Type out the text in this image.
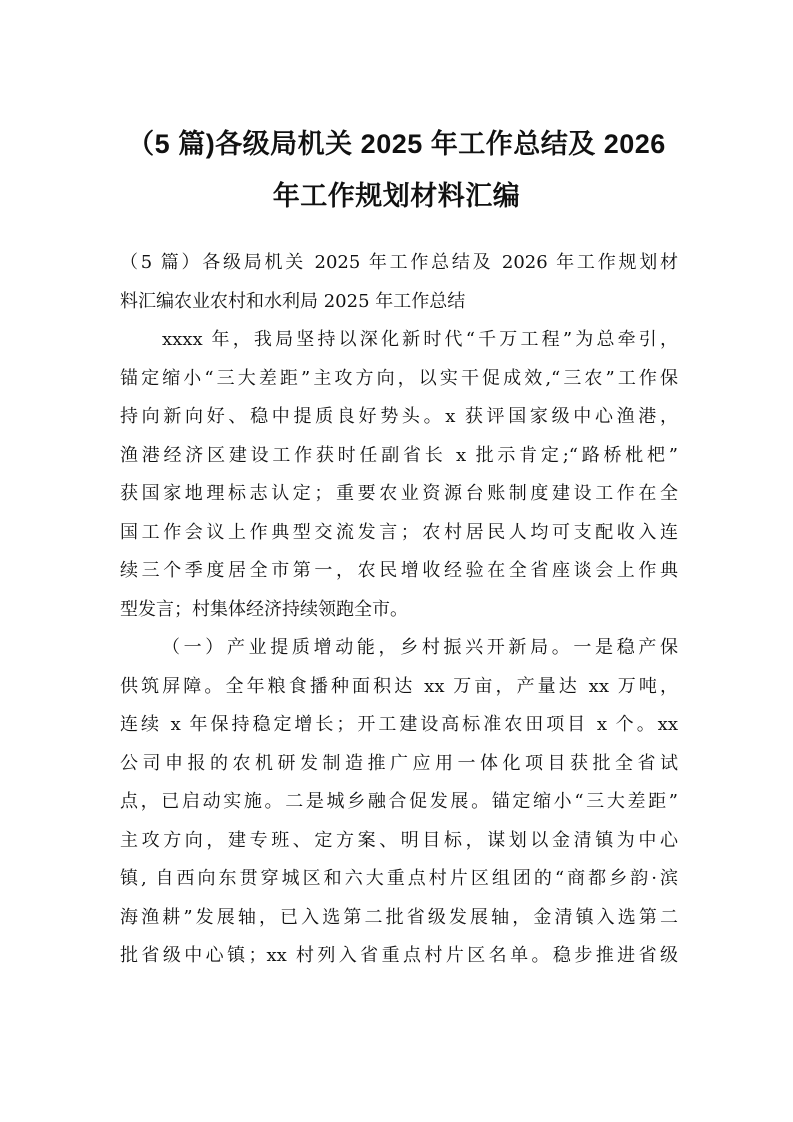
（5 篇)各级局机关 2025 年工作总结及 2026
年工作规划材料汇编
（5 篇）各级局机关 2025 年工作总结及 2026 年工作规划材
料汇编农业农村和水利局 2025 年工作总结
xxxx 年，我局坚持以深化新时代“千万工程”为总牵引，
锚定缩小“三大差距”主攻方向，以实干促成效,“三农”工作保
持向新向好、稳中提质良好势头。x 获评国家级中心渔港，
渔港经济区建设工作获时任副省长 x 批示肯定;“路桥枇杷”
获国家地理标志认定；重要农业资源台账制度建设工作在全
国工作会议上作典型交流发言；农村居民人均可支配收入连
续三个季度居全市第一，农民增收经验在全省座谈会上作典
型发言；村集体经济持续领跑全市。
（一）产业提质增动能，乡村振兴开新局。一是稳产保
供筑屏障。全年粮食播种面积达 xx 万亩，产量达 xx 万吨，
连续 x 年保持稳定增长；开工建设高标准农田项目 x 个。xx
公司申报的农机研发制造推广应用一体化项目获批全省试
点，已启动实施。二是城乡融合促发展。锚定缩小“三大差距”
主攻方向，建专班、定方案、明目标，谋划以金清镇为中心
镇, 自西向东贯穿城区和六大重点村片区组团的“商都乡韵·滨
海渔耕”发展轴，已入选第二批省级发展轴，金清镇入选第二
批省级中心镇；xx 村列入省重点村片区名单。稳步推进省级
